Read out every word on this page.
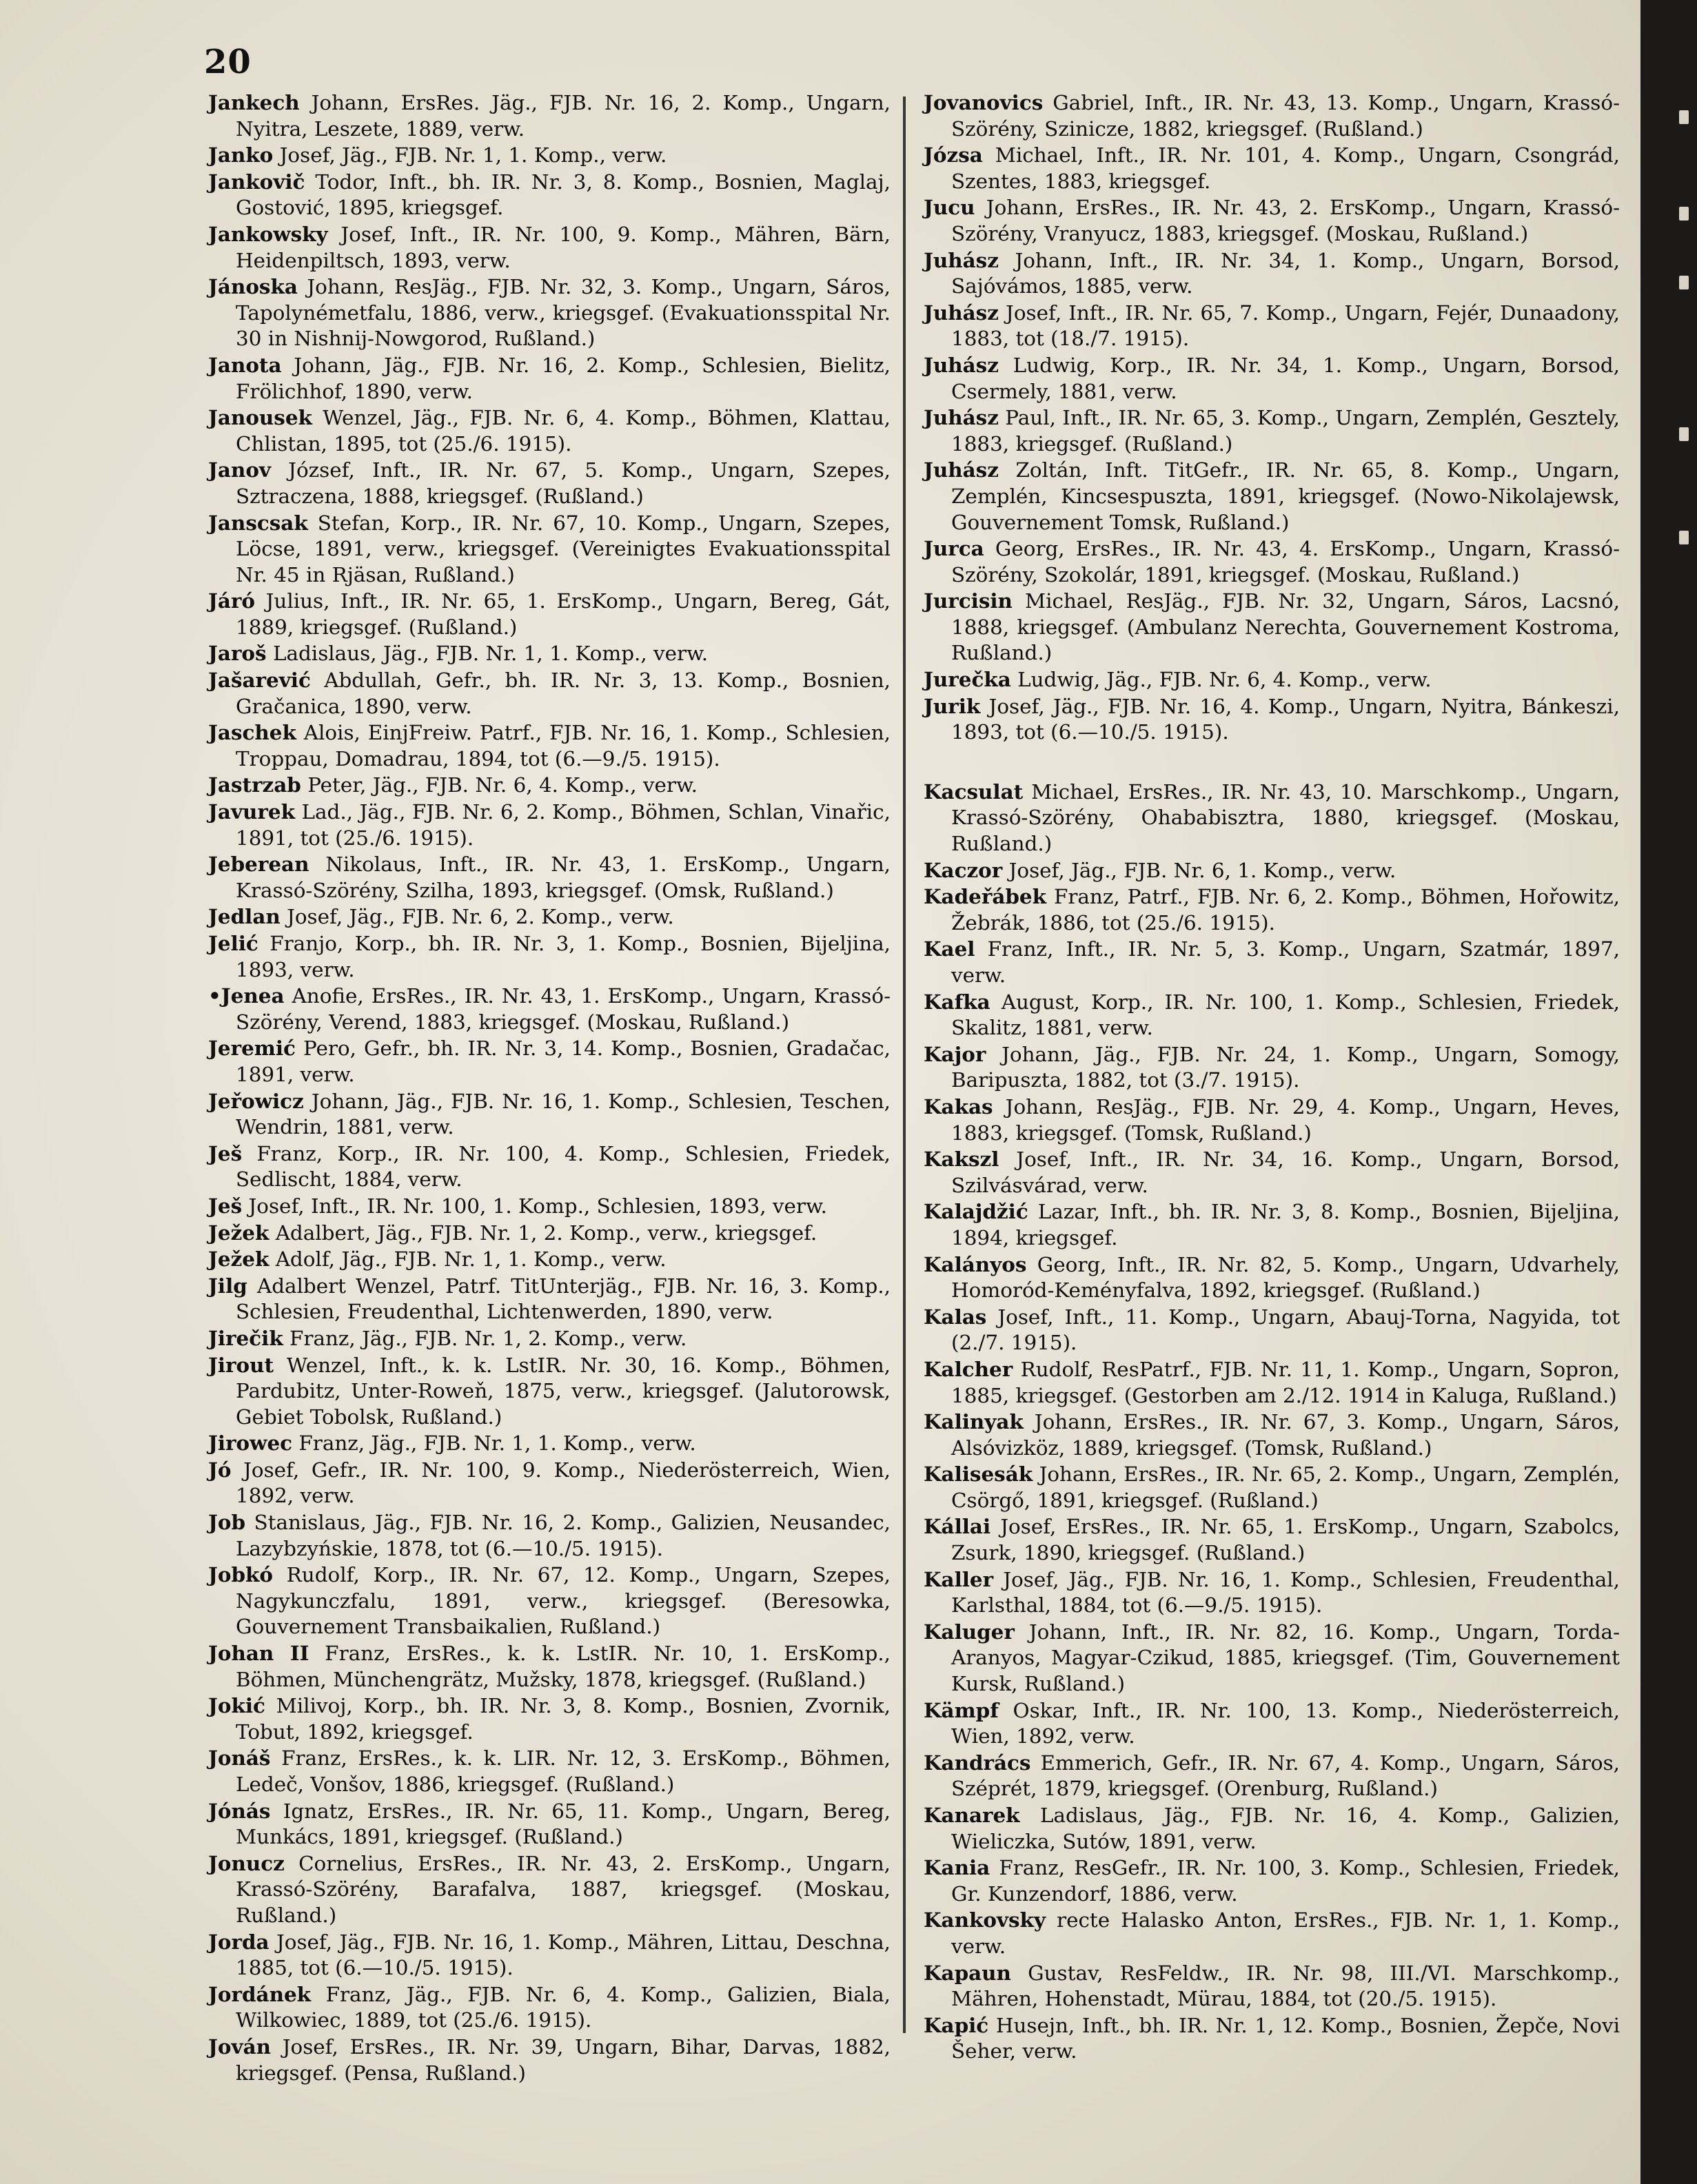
20

Jankech Johann, ErsRes. Jäg., FJB. Nr. 16, 2. Komp., Ungarn, Nyitra, Leszete, 1889, verw.

Janko Josef, Jäg., FJB. Nr. 1, 1. Komp., verw.

Jankovič Todor, Inft., bh. IR. Nr. 3, 8. Komp., Bosnien, Maglaj, Gostović, 1895, kriegsgef.

Jankowsky Josef, Inft., IR. Nr. 100, 9. Komp., Mähren, Bärn, Heidenpiltsch, 1893, verw.

Jánoska Johann, ResJäg., FJB. Nr. 32, 3. Komp., Ungarn, Sáros, Tapolynémetfalu, 1886, verw., kriegsgef. (Evakuationsspital Nr. 30 in Nishnij-Nowgorod, Rußland.)

Janota Johann, Jäg., FJB. Nr. 16, 2. Komp., Schlesien, Bielitz, Frölichhof, 1890, verw.

Janousek Wenzel, Jäg., FJB. Nr. 6, 4. Komp., Böhmen, Klattau, Chlistan, 1895, tot (25./6. 1915).

Janov József, Inft., IR. Nr. 67, 5. Komp., Ungarn, Szepes, Sztraczena, 1888, kriegsgef. (Rußland.)

Janscsak Stefan, Korp., IR. Nr. 67, 10. Komp., Ungarn, Szepes, Löcse, 1891, verw., kriegsgef. (Vereinigtes Evakuationsspital Nr. 45 in Rjäsan, Rußland.)

Járó Julius, Inft., IR. Nr. 65, 1. ErsKomp., Ungarn, Bereg, Gát, 1889, kriegsgef. (Rußland.)

Jaroš Ladislaus, Jäg., FJB. Nr. 1, 1. Komp., verw.

Jašarević Abdullah, Gefr., bh. IR. Nr. 3, 13. Komp., Bosnien, Gračanica, 1890, verw.

Jaschek Alois, EinjFreiw. Patrf., FJB. Nr. 16, 1. Komp., Schlesien, Troppau, Domadrau, 1894, tot (6.—9./5. 1915).

Jastrzab Peter, Jäg., FJB. Nr. 6, 4. Komp., verw.

Javurek Lad., Jäg., FJB. Nr. 6, 2. Komp., Böhmen, Schlan, Vinařic, 1891, tot (25./6. 1915).

Jeberean Nikolaus, Inft., IR. Nr. 43, 1. ErsKomp., Ungarn, Krassó-Szörény, Szilha, 1893, kriegsgef. (Omsk, Rußland.)

Jedlan Josef, Jäg., FJB. Nr. 6, 2. Komp., verw.

Jelić Franjo, Korp., bh. IR. Nr. 3, 1. Komp., Bosnien, Bijeljina, 1893, verw.

•Jenea Anofie, ErsRes., IR. Nr. 43, 1. ErsKomp., Ungarn, Krassó-Szörény, Verend, 1883, kriegsgef. (Moskau, Rußland.)

Jeremić Pero, Gefr., bh. IR. Nr. 3, 14. Komp., Bosnien, Gradačac, 1891, verw.

Jeřowicz Johann, Jäg., FJB. Nr. 16, 1. Komp., Schlesien, Teschen, Wendrin, 1881, verw.

Ješ Franz, Korp., IR. Nr. 100, 4. Komp., Schlesien, Friedek, Sedlischt, 1884, verw.

Ješ Josef, Inft., IR. Nr. 100, 1. Komp., Schlesien, 1893, verw.

Ježek Adalbert, Jäg., FJB. Nr. 1, 2. Komp., verw., kriegsgef.

Ježek Adolf, Jäg., FJB. Nr. 1, 1. Komp., verw.

Jilg Adalbert Wenzel, Patrf. TitUnterjäg., FJB. Nr. 16, 3. Komp., Schlesien, Freudenthal, Lichtenwerden, 1890, verw.

Jirečik Franz, Jäg., FJB. Nr. 1, 2. Komp., verw.

Jirout Wenzel, Inft., k. k. LstIR. Nr. 30, 16. Komp., Böhmen, Pardubitz, Unter-Roweň, 1875, verw., kriegsgef. (Jalutorowsk, Gebiet Tobolsk, Rußland.)

Jirowec Franz, Jäg., FJB. Nr. 1, 1. Komp., verw.

Jó Josef, Gefr., IR. Nr. 100, 9. Komp., Niederösterreich, Wien, 1892, verw.

Job Stanislaus, Jäg., FJB. Nr. 16, 2. Komp., Galizien, Neusandec, Lazybzyńskie, 1878, tot (6.—10./5. 1915).

Jobkó Rudolf, Korp., IR. Nr. 67, 12. Komp., Ungarn, Szepes, Nagykunczfalu, 1891, verw., kriegsgef. (Beresowka, Gouvernement Transbaikalien, Rußland.)

Johan II Franz, ErsRes., k. k. LstIR. Nr. 10, 1. ErsKomp., Böhmen, Münchengrätz, Mužsky, 1878, kriegsgef. (Rußland.)

Jokić Milivoj, Korp., bh. IR. Nr. 3, 8. Komp., Bosnien, Zvornik, Tobut, 1892, kriegsgef.

Jonáš Franz, ErsRes., k. k. LIR. Nr. 12, 3. ErsKomp., Böhmen, Ledeč, Vonšov, 1886, kriegsgef. (Rußland.)

Jónás Ignatz, ErsRes., IR. Nr. 65, 11. Komp., Ungarn, Bereg, Munkács, 1891, kriegsgef. (Rußland.)

Jonucz Cornelius, ErsRes., IR. Nr. 43, 2. ErsKomp., Ungarn, Krassó-Szörény, Barafalva, 1887, kriegsgef. (Moskau, Rußland.)

Jorda Josef, Jäg., FJB. Nr. 16, 1. Komp., Mähren, Littau, Deschna, 1885, tot (6.—10./5. 1915).

Jordánek Franz, Jäg., FJB. Nr. 6, 4. Komp., Galizien, Biala, Wilkowiec, 1889, tot (25./6. 1915).

Jován Josef, ErsRes., IR. Nr. 39, Ungarn, Bihar, Darvas, 1882, kriegsgef. (Pensa, Rußland.)

Jovanovics Gabriel, Inft., IR. Nr. 43, 13. Komp., Ungarn, Krassó-Szörény, Szinicze, 1882, kriegsgef. (Rußland.)

Józsa Michael, Inft., IR. Nr. 101, 4. Komp., Ungarn, Csongrád, Szentes, 1883, kriegsgef.

Jucu Johann, ErsRes., IR. Nr. 43, 2. ErsKomp., Ungarn, Krassó-Szörény, Vranyucz, 1883, kriegsgef. (Moskau, Rußland.)

Juhász Johann, Inft., IR. Nr. 34, 1. Komp., Ungarn, Borsod, Sajóvámos, 1885, verw.

Juhász Josef, Inft., IR. Nr. 65, 7. Komp., Ungarn, Fejér, Dunaadony, 1883, tot (18./7. 1915).

Juhász Ludwig, Korp., IR. Nr. 34, 1. Komp., Ungarn, Borsod, Csermely, 1881, verw.

Juhász Paul, Inft., IR. Nr. 65, 3. Komp., Ungarn, Zemplén, Gesztely, 1883, kriegsgef. (Rußland.)

Juhász Zoltán, Inft. TitGefr., IR. Nr. 65, 8. Komp., Ungarn, Zemplén, Kincsespuszta, 1891, kriegsgef. (Nowo-Nikolajewsk, Gouvernement Tomsk, Rußland.)

Jurca Georg, ErsRes., IR. Nr. 43, 4. ErsKomp., Ungarn, Krassó-Szörény, Szokolár, 1891, kriegsgef. (Moskau, Rußland.)

Jurcisin Michael, ResJäg., FJB. Nr. 32, Ungarn, Sáros, Lacsnó, 1888, kriegsgef. (Ambulanz Nerechta, Gouvernement Kostroma, Rußland.)

Jurečka Ludwig, Jäg., FJB. Nr. 6, 4. Komp., verw.

Jurik Josef, Jäg., FJB. Nr. 16, 4. Komp., Ungarn, Nyitra, Bánkeszi, 1893, tot (6.—10./5. 1915).

Kacsulat Michael, ErsRes., IR. Nr. 43, 10. Marschkomp., Ungarn, Krassó-Szörény, Ohababisztra, 1880, kriegsgef. (Moskau, Rußland.)

Kaczor Josef, Jäg., FJB. Nr. 6, 1. Komp., verw.

Kadeřábek Franz, Patrf., FJB. Nr. 6, 2. Komp., Böhmen, Hořowitz, Žebrák, 1886, tot (25./6. 1915).

Kael Franz, Inft., IR. Nr. 5, 3. Komp., Ungarn, Szatmár, 1897, verw.

Kafka August, Korp., IR. Nr. 100, 1. Komp., Schlesien, Friedek, Skalitz, 1881, verw.

Kajor Johann, Jäg., FJB. Nr. 24, 1. Komp., Ungarn, Somogy, Baripuszta, 1882, tot (3./7. 1915).

Kakas Johann, ResJäg., FJB. Nr. 29, 4. Komp., Ungarn, Heves, 1883, kriegsgef. (Tomsk, Rußland.)

Kakszl Josef, Inft., IR. Nr. 34, 16. Komp., Ungarn, Borsod, Szilvásvárad, verw.

Kalajdžić Lazar, Inft., bh. IR. Nr. 3, 8. Komp., Bosnien, Bijeljina, 1894, kriegsgef.

Kalányos Georg, Inft., IR. Nr. 82, 5. Komp., Ungarn, Udvarhely, Homoród-Keményfalva, 1892, kriegsgef. (Rußland.)

Kalas Josef, Inft., 11. Komp., Ungarn, Abauj-Torna, Nagyida, tot (2./7. 1915).

Kalcher Rudolf, ResPatrf., FJB. Nr. 11, 1. Komp., Ungarn, Sopron, 1885, kriegsgef. (Gestorben am 2./12. 1914 in Kaluga, Rußland.)

Kalinyak Johann, ErsRes., IR. Nr. 67, 3. Komp., Ungarn, Sáros, Alsóvizköz, 1889, kriegsgef. (Tomsk, Rußland.)

Kalisesák Johann, ErsRes., IR. Nr. 65, 2. Komp., Ungarn, Zemplén, Csörgő, 1891, kriegsgef. (Rußland.)

Kállai Josef, ErsRes., IR. Nr. 65, 1. ErsKomp., Ungarn, Szabolcs, Zsurk, 1890, kriegsgef. (Rußland.)

Kaller Josef, Jäg., FJB. Nr. 16, 1. Komp., Schlesien, Freudenthal, Karlsthal, 1884, tot (6.—9./5. 1915).

Kaluger Johann, Inft., IR. Nr. 82, 16. Komp., Ungarn, Torda-Aranyos, Magyar-Czikud, 1885, kriegsgef. (Tim, Gouvernement Kursk, Rußland.)

Kämpf Oskar, Inft., IR. Nr. 100, 13. Komp., Niederösterreich, Wien, 1892, verw.

Kandrács Emmerich, Gefr., IR. Nr. 67, 4. Komp., Ungarn, Sáros, Széprét, 1879, kriegsgef. (Orenburg, Rußland.)

Kanarek Ladislaus, Jäg., FJB. Nr. 16, 4. Komp., Galizien, Wieliczka, Sutów, 1891, verw.

Kania Franz, ResGefr., IR. Nr. 100, 3. Komp., Schlesien, Friedek, Gr. Kunzendorf, 1886, verw.

Kankovsky recte Halasko Anton, ErsRes., FJB. Nr. 1, 1. Komp., verw.

Kapaun Gustav, ResFeldw., IR. Nr. 98, III./VI. Marschkomp., Mähren, Hohenstadt, Mürau, 1884, tot (20./5. 1915).

Kapić Husejn, Inft., bh. IR. Nr. 1, 12. Komp., Bosnien, Žepče, Novi Šeher, verw.
